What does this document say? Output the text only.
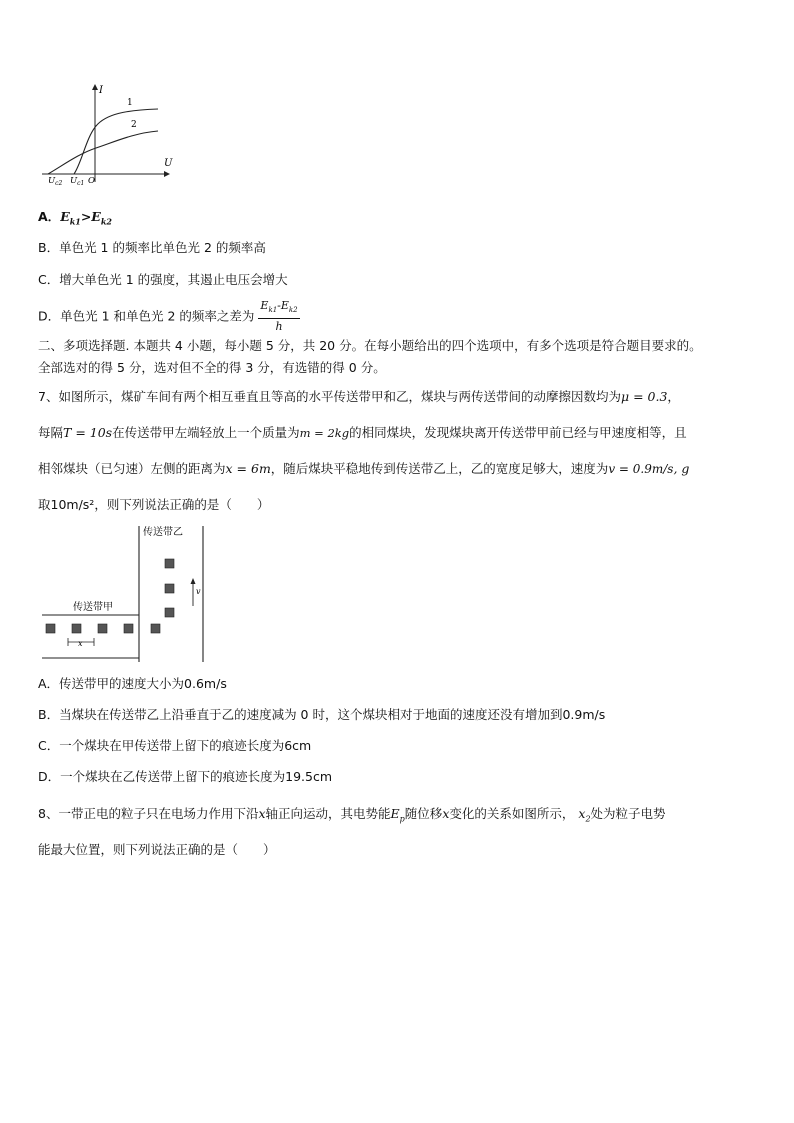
I
U
1
2
$U_{c2}$ $U_{c1}$ O
A．$E_{k1}>E_{k2}$
B．单色光 1 的频率比单色光 2 的频率高
C．增大单色光 1 的强度，其遏止电压会增大
D．单色光 1 和单色光 2 的频率之差为 $\frac{E_{k1}-E_{k2}}{h}$
二、多项选择题. 本题共 4 小题，每小题 5 分，共 20 分。在每小题给出的四个选项中，有多个选项是符合题目要求的。
全部选对的得 5 分，选对但不全的得 3 分，有选错的得 0 分。
7、如图所示，煤矿车间有两个相互垂直且等高的水平传送带甲和乙，煤块与两传送带间的动摩擦因数均为μ = 0.3，
每隔T = 10s在传送带甲左端轻放上一个质量为m = 2kg的相同煤块，发现煤块离开传送带甲前已经与甲速度相等，且
相邻煤块（已匀速）左侧的距离为x = 6m，随后煤块平稳地传到传送带乙上，乙的宽度足够大，速度为v = 0.9m/s, g
取10m/s²，则下列说法正确的是（　　）
传送带乙
传送带甲
v
x
A．传送带甲的速度大小为0.6m/s
B．当煤块在传送带乙上沿垂直于乙的速度减为 0 时，这个煤块相对于地面的速度还没有增加到0.9m/s
C．一个煤块在甲传送带上留下的痕迹长度为6cm
D．一个煤块在乙传送带上留下的痕迹长度为19.5cm
8、一带正电的粒子只在电场力作用下沿x轴正向运动，其电势能$E_p$随位移x变化的关系如图所示， $x_2$处为粒子电势
能最大位置，则下列说法正确的是（　　）
